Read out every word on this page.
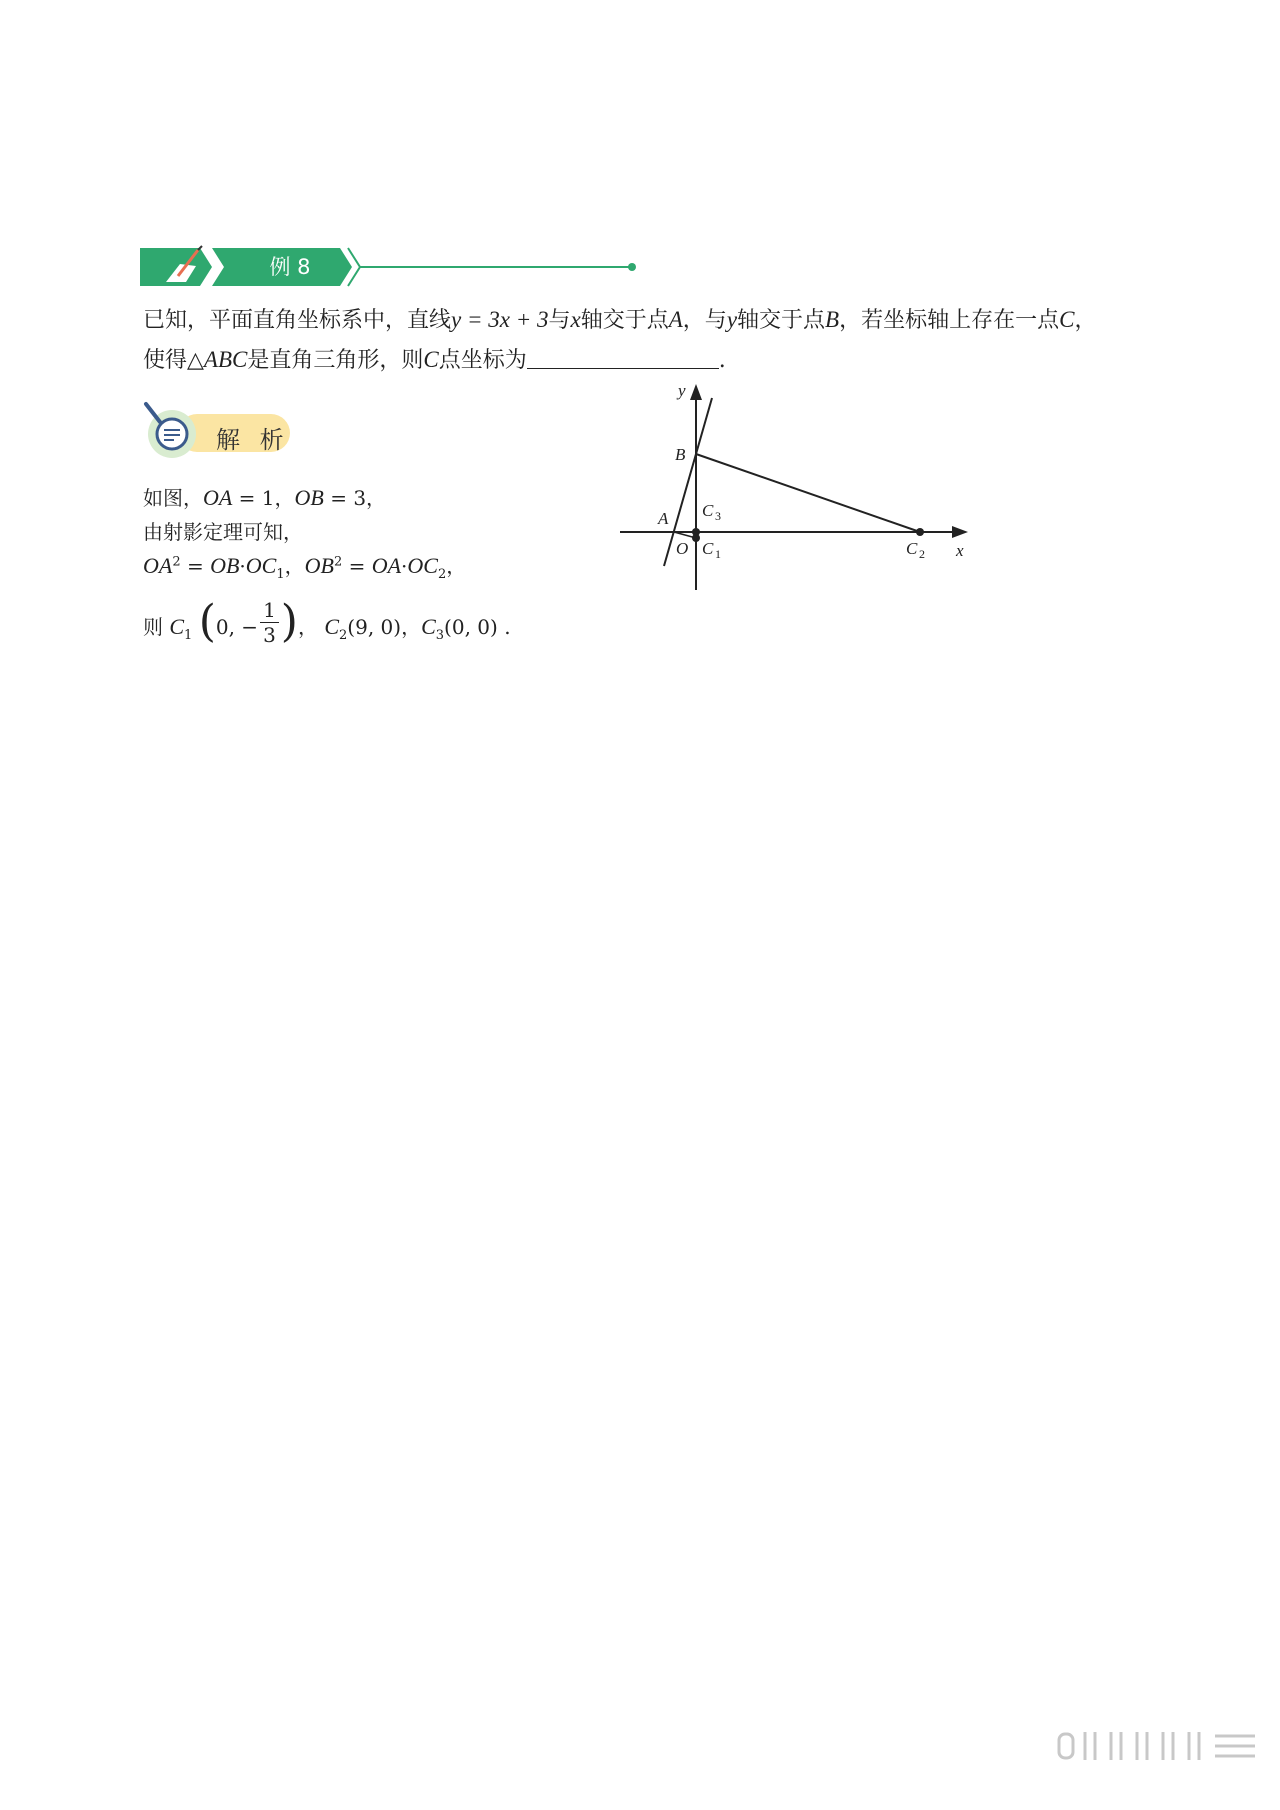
例 8
已知，平面直角坐标系中，直线y = 3x + 3与x轴交于点A，与y轴交于点B，若坐标轴上存在一点C，
使得△ABC是直角三角形，则C点坐标为	.
解 析
如图，OA = 1，OB = 3，
由射影定理可知，
$OA^2 = OB\cdot OC_1$，$OB^2 = OA\cdot OC_2$，
则 $C_1$ (0, − $\frac{1}{3}$ )， $C_2(9$, 0)，$C_3(0$, 0) .
y
x
B
A
O
C 3
C 1	C 2
